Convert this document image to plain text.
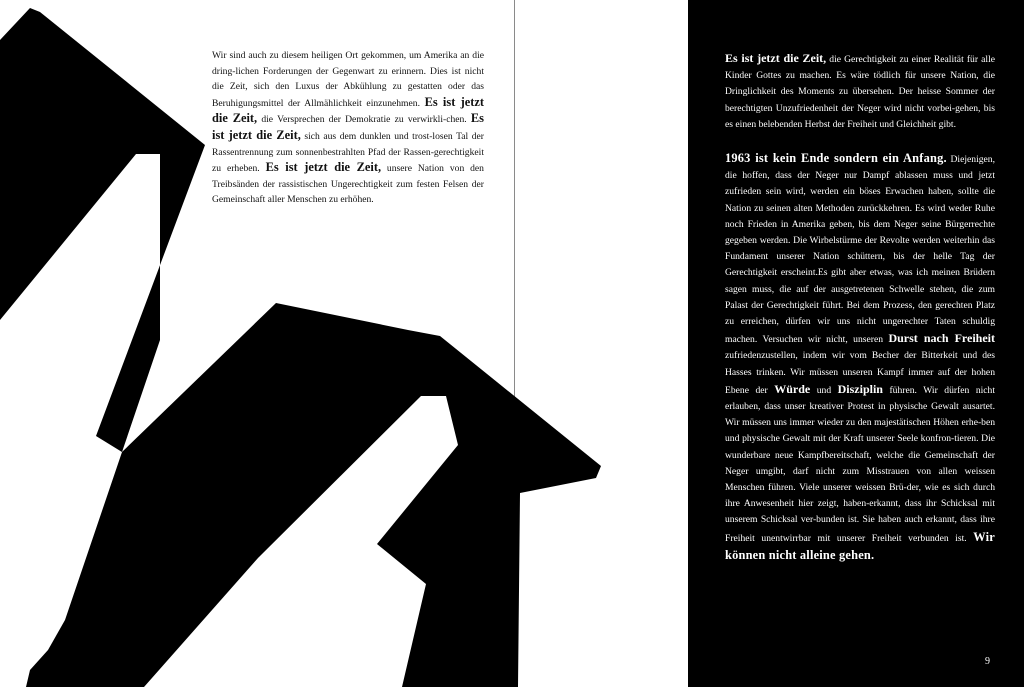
Wir sind auch zu diesem heiligen Ort gekommen, um Amerika an die dring-lichen Forderungen der Gegenwart zu erinnern. Dies ist nicht die Zeit, sich den Luxus der Abkühlung zu gestatten oder das Beruhigungsmittel der Allmählichkeit einzunehmen. Es ist jetzt die Zeit, die Versprechen der Demokratie zu verwirkli-chen. Es ist jetzt die Zeit, sich aus dem dunklen und trost-losen Tal der Rassentrennung zum sonnenbestrahlten Pfad der Rassen-gerechtigkeit zu erheben. Es ist jetzt die Zeit, unsere Nation von den Treibsänden der rassistischen Ungerechtigkeit zum festen Felsen der Gemeinschaft aller Menschen zu erhöhen.

Es ist jetzt die Zeit, die Gerechtigkeit zu einer Realität für alle Kinder Gottes zu machen. Es wäre tödlich für unsere Nation, die Dringlichkeit des Moments zu übersehen. Der heisse Sommer der berechtigten Unzufriedenheit der Neger wird nicht vorbei-gehen, bis es einen belebenden Herbst der Freiheit und Gleichheit gibt.

1963 ist kein Ende sondern ein Anfang. Diejenigen, die hoffen, dass der Neger nur Dampf ablassen muss und jetzt zufrieden sein wird, werden ein böses Erwachen haben, sollte die Nation zu seinen alten Methoden zurückkehren. Es wird weder Ruhe noch Frieden in Amerika geben, bis dem Neger seine Bürgerrechte gegeben werden. Die Wirbelstürme der Revolte werden weiterhin das Fundament unserer Nation schüttern, bis der helle Tag der Gerechtigkeit erscheint.Es gibt aber etwas, was ich meinen Brüdern sagen muss, die auf der ausgetretenen Schwelle stehen, die zum Palast der Gerechtigkeit führt. Bei dem Prozess, den gerechten Platz zu erreichen, dürfen wir uns nicht ungerechter Taten schuldig machen. Versuchen wir nicht, unseren Durst nach Freiheit zufriedenzustellen, indem wir vom Becher der Bitterkeit und des Hasses trinken. Wir müssen unseren Kampf immer auf der hohen Ebene der Würde und Disziplin führen. Wir dürfen nicht erlauben, dass unser kreativer Protest in physische Gewalt ausartet. Wir müssen uns immer wieder zu den majestätischen Höhen erhe-ben und physische Gewalt mit der Kraft unserer Seele konfron-tieren. Die wunderbare neue Kampfbereitschaft, welche die Gemeinschaft der Neger umgibt, darf nicht zum Misstrauen von allen weissen Menschen führen. Viele unserer weissen Brü-der, wie es sich durch ihre Anwesenheit hier zeigt, haben-erkannt, dass ihr Schicksal mit unserem Schicksal ver-bunden ist. Sie haben auch erkannt, dass ihre Freiheit unentwirrbar mit unserer Freiheit verbunden ist. Wir können nicht alleine gehen.

9
